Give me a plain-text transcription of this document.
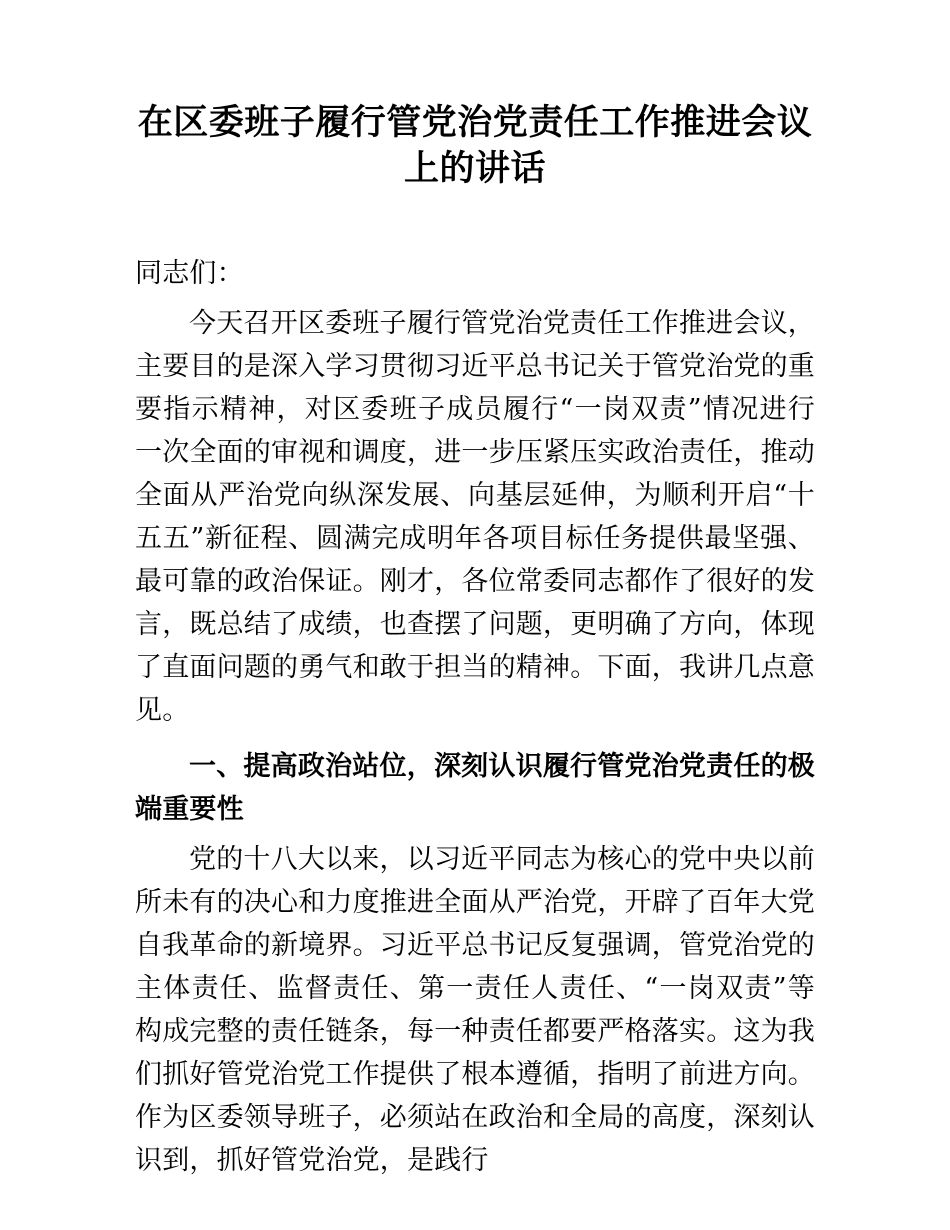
在区委班子履行管党治党责任工作推进会议上的讲话

同志们：

今天召开区委班子履行管党治党责任工作推进会议，主要目的是深入学习贯彻习近平总书记关于管党治党的重要指示精神，对区委班子成员履行“一岗双责”情况进行一次全面的审视和调度，进一步压紧压实政治责任，推动全面从严治党向纵深发展、向基层延伸，为顺利开启“十五五”新征程、圆满完成明年各项目标任务提供最坚强、最可靠的政治保证。刚才，各位常委同志都作了很好的发言，既总结了成绩，也查摆了问题，更明确了方向，体现了直面问题的勇气和敢于担当的精神。下面，我讲几点意见。

一、提高政治站位，深刻认识履行管党治党责任的极端重要性

党的十八大以来，以习近平同志为核心的党中央以前所未有的决心和力度推进全面从严治党，开辟了百年大党自我革命的新境界。习近平总书记反复强调，管党治党的主体责任、监督责任、第一责任人责任、“一岗双责”等构成完整的责任链条，每一种责任都要严格落实。这为我们抓好管党治党工作提供了根本遵循，指明了前进方向。作为区委领导班子，必须站在政治和全局的高度，深刻认识到，抓好管党治党，是践行
